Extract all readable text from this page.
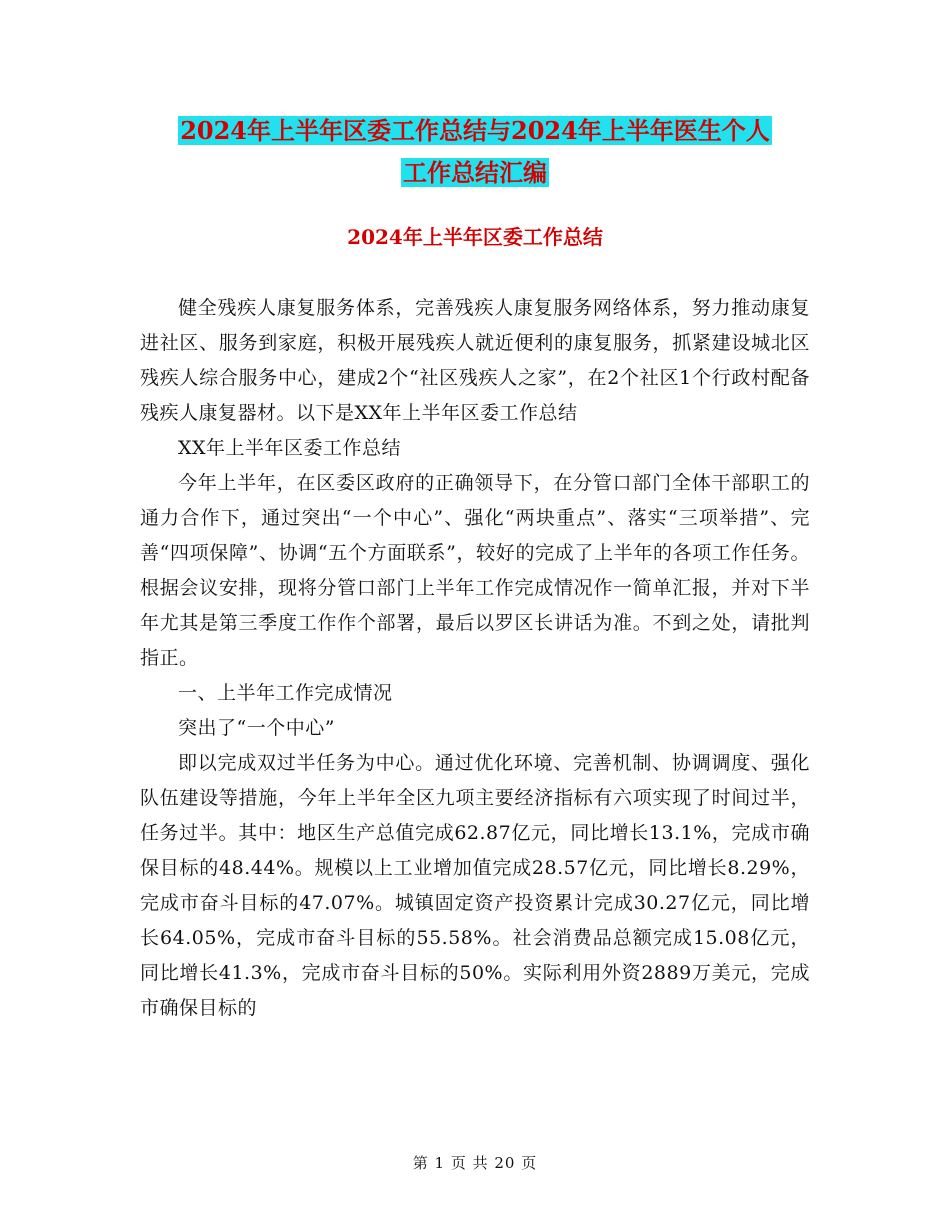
2024年上半年区委工作总结与2024年上半年医生个人
工作总结汇编
2024年上半年区委工作总结

健全残疾人康复服务体系，完善残疾人康复服务网络体系，努力推动康复进社区、服务到家庭，积极开展残疾人就近便利的康复服务，抓紧建设城北区残疾人综合服务中心，建成2个“社区残疾人之家”，在2个社区1个行政村配备残疾人康复器材。以下是XX年上半年区委工作总结

XX年上半年区委工作总结

今年上半年，在区委区政府的正确领导下，在分管口部门全体干部职工的通力合作下，通过突出“一个中心”、强化“两块重点”、落实“三项举措”、完善“四项保障”、协调“五个方面联系”，较好的完成了上半年的各项工作任务。根据会议安排，现将分管口部门上半年工作完成情况作一简单汇报，并对下半年尤其是第三季度工作作个部署，最后以罗区长讲话为准。不到之处，请批判指正。

一、上半年工作完成情况

突出了“一个中心”

即以完成双过半任务为中心。通过优化环境、完善机制、协调调度、强化队伍建设等措施，今年上半年全区九项主要经济指标有六项实现了时间过半，任务过半。其中：地区生产总值完成62.87亿元，同比增长13.1%，完成市确保目标的48.44%。规模以上工业增加值完成28.57亿元，同比增长8.29%，完成市奋斗目标的47.07%。城镇固定资产投资累计完成30.27亿元，同比增长64.05%，完成市奋斗目标的55.58%。社会消费品总额完成15.08亿元，同比增长41.3%，完成市奋斗目标的50%。实际利用外资2889万美元，完成市确保目标的

第 1 页 共 20 页
